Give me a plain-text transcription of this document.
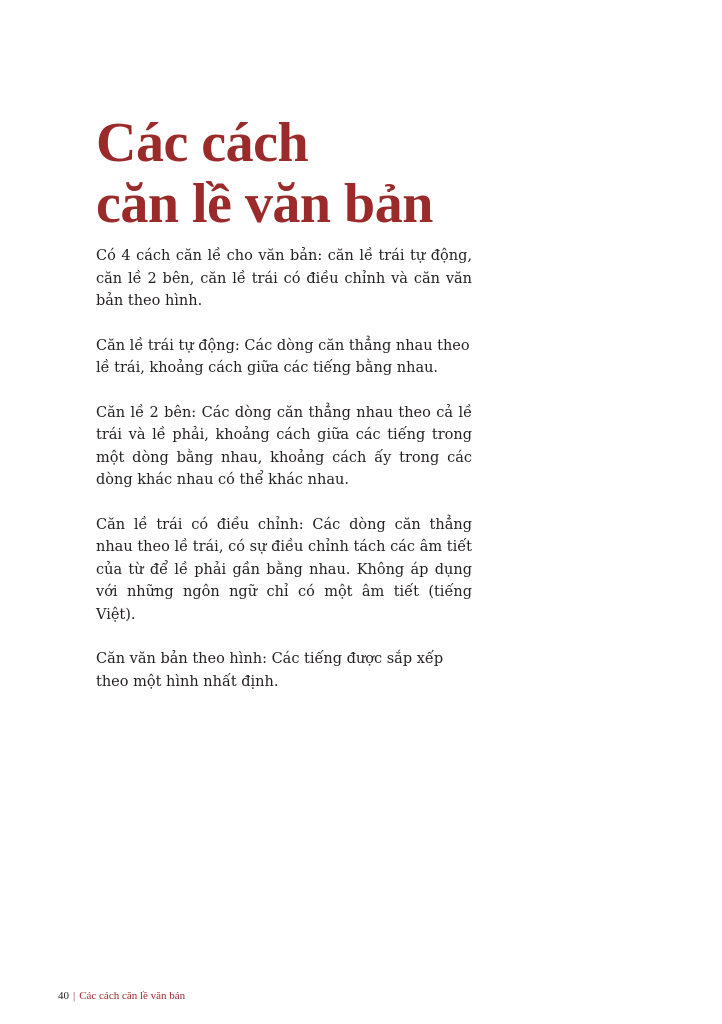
Các cách
căn lề văn bản

Có 4 cách căn lề cho văn bản: căn lề trái tự động, căn lề 2 bên, căn lề trái có điều chỉnh và căn văn bản theo hình.

Căn lề trái tự động: Các dòng căn thẳng nhau theo lề trái, khoảng cách giữa các tiếng bằng nhau.

Căn lề 2 bên: Các dòng căn thẳng nhau theo cả lề trái và lề phải, khoảng cách giữa các tiếng trong một dòng bằng nhau, khoảng cách ấy trong các dòng khác nhau có thể khác nhau.

Căn lề trái có điều chỉnh: Các dòng căn thẳng nhau theo lề trái, có sự điều chỉnh tách các âm tiết của từ để lề phải gần bằng nhau. Không áp dụng với những ngôn ngữ chỉ có một âm tiết (tiếng Việt).

Căn văn bản theo hình: Các tiếng được sắp xếp theo một hình nhất định.

40 | Các cách căn lề văn bản
